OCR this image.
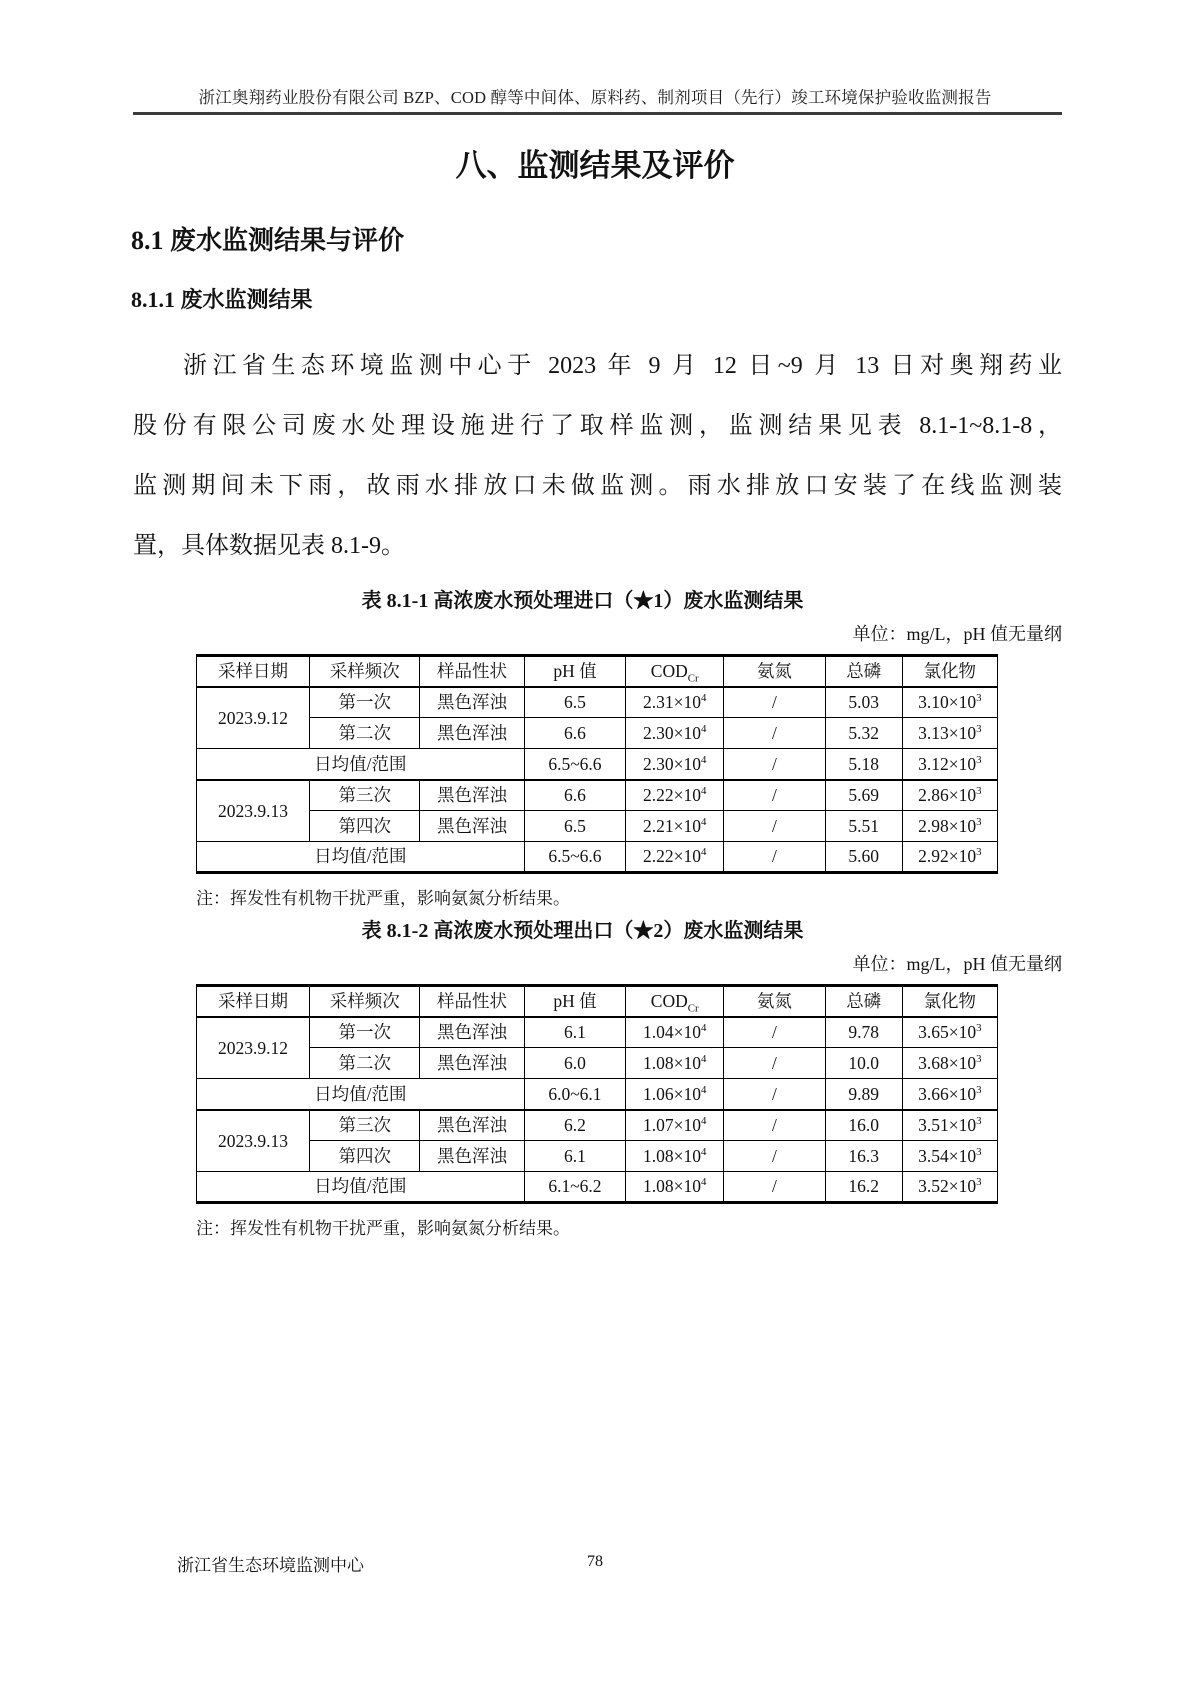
浙江奥翔药业股份有限公司 BZP、COD 醇等中间体、原料药、制剂项目（先行）竣工环境保护验收监测报告
八、监测结果及评价
8.1 废水监测结果与评价
8.1.1 废水监测结果
浙江省生态环境监测中心于 2023 年 9 月 12 日~9 月 13 日对奥翔药业
股份有限公司废水处理设施进行了取样监测，监测结果见表 8.1-1~8.1-8，
监测期间未下雨，故雨水排放口未做监测。雨水排放口安装了在线监测装
置，具体数据见表 8.1-9。
表 8.1-1 高浓废水预处理进口（★1）废水监测结果
单位：mg/L，pH 值无量纲
采样日期	采样频次	样品性状	pH 值	$COD_{Cr}$	氨氮	总磷	氯化物
2023.9.12	第一次	黑色浑浊	6.5	$2.31\times 10^4$	/	5.03	$3.10\times 10^3$
	第二次	黑色浑浊	6.6	$2.30\times 10^4$	/	5.32	$3.13\times 10^3$
日均值/范围			6.5~6.6	$2.30\times 10^4$	/	5.18	$3.12\times 10^3$
2023.9.13	第三次	黑色浑浊	6.6	$2.22\times 10^4$	/	5.69	$2.86\times 10^3$
	第四次	黑色浑浊	6.5	$2.21\times 10^4$	/	5.51	$2.98\times 10^3$
日均值/范围			6.5~6.6	$2.22\times 10^4$	/	5.60	$2.92\times 10^3$
注：挥发性有机物干扰严重，影响氨氮分析结果。
表 8.1-2 高浓废水预处理出口（★2）废水监测结果
单位：mg/L，pH 值无量纲
采样日期	采样频次	样品性状	pH 值	$COD_{Cr}$	氨氮	总磷	氯化物
2023.9.12	第一次	黑色浑浊	6.1	$1.04\times 10^4$	/	9.78	$3.65\times 10^3$
	第二次	黑色浑浊	6.0	$1.08\times 10^4$	/	10.0	$3.68\times 10^3$
日均值/范围			6.0~6.1	$1.06\times 10^4$	/	9.89	$3.66\times 10^3$
2023.9.13	第三次	黑色浑浊	6.2	$1.07\times 10^4$	/	16.0	$3.51\times 10^3$
	第四次	黑色浑浊	6.1	$1.08\times 10^4$	/	16.3	$3.54\times 10^3$
日均值/范围			6.1~6.2	$1.08\times 10^4$	/	16.2	$3.52\times 10^3$
注：挥发性有机物干扰严重，影响氨氮分析结果。
浙江省生态环境监测中心	78
